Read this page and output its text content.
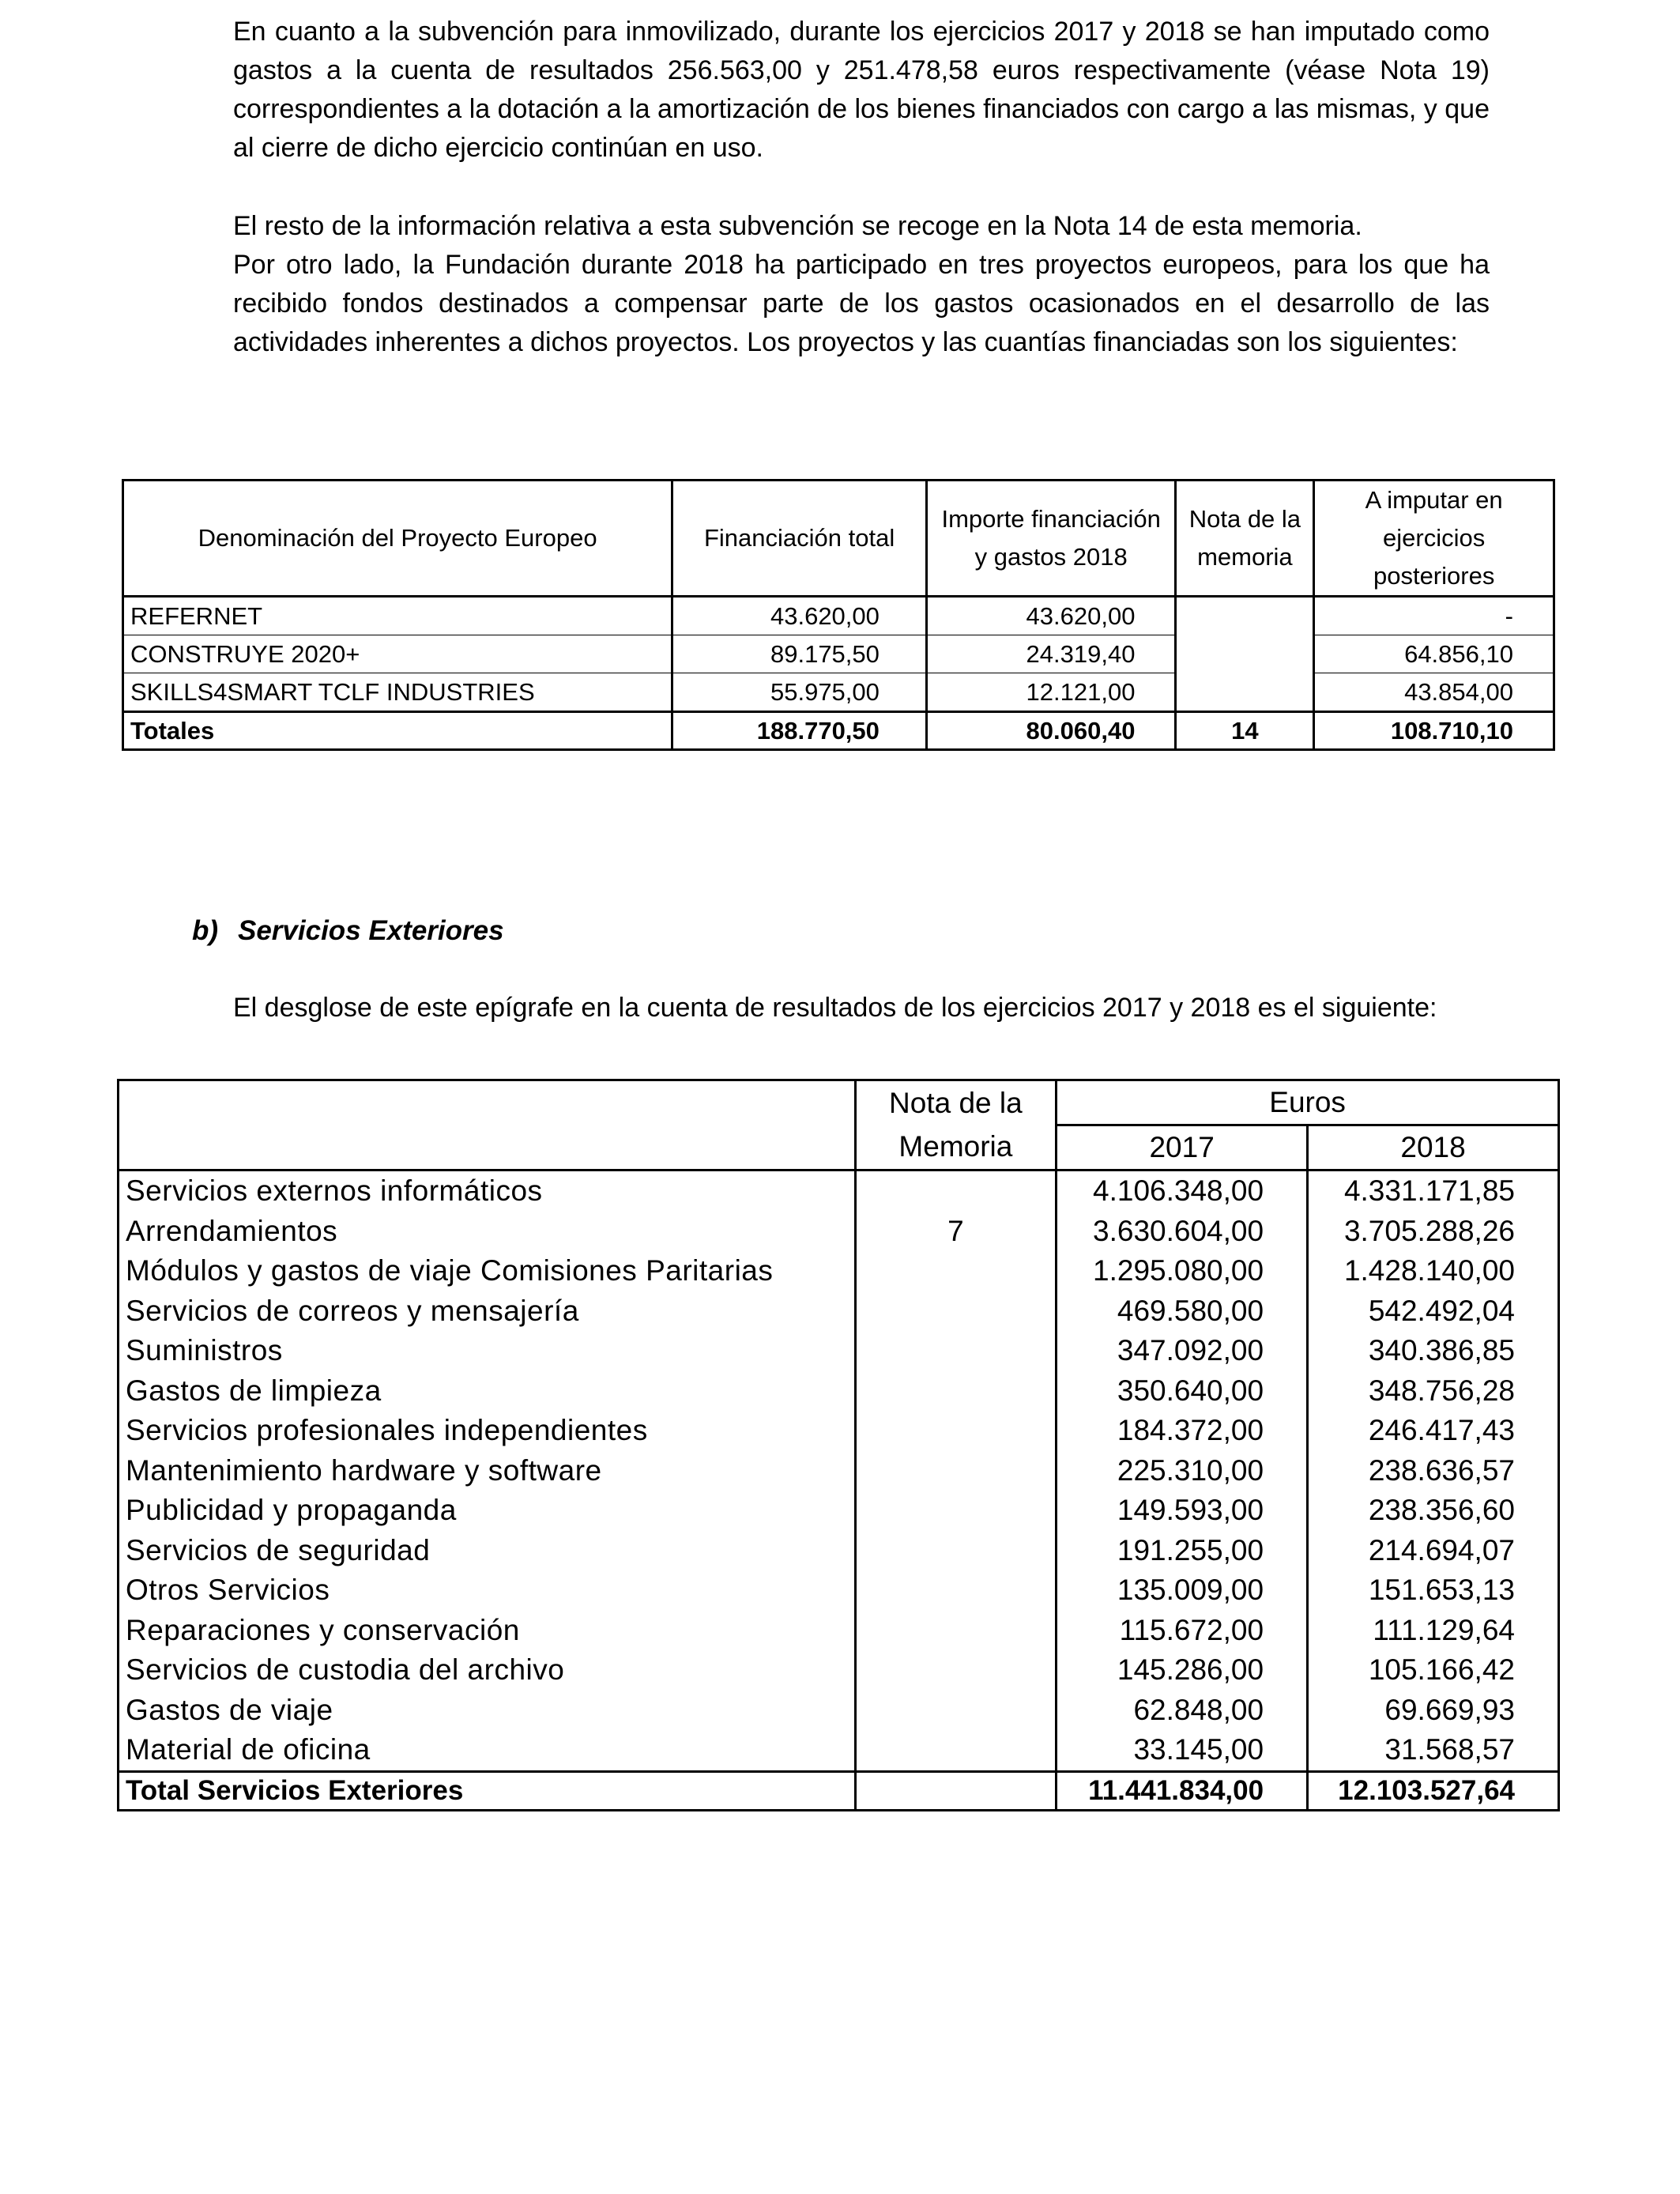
En cuanto a la subvención para inmovilizado, durante los ejercicios 2017 y 2018 se han imputado como gastos a la cuenta de resultados 256.563,00 y 251.478,58 euros respectivamente (véase Nota 19) correspondientes a la dotación a la amortización de los bienes financiados con cargo a las mismas, y que al cierre de dicho ejercicio continúan en uso.

El resto de la información relativa a esta subvención se recoge en la Nota 14 de esta memoria.

Por otro lado, la Fundación durante 2018 ha participado en tres proyectos europeos, para los que ha recibido fondos destinados a compensar parte de los gastos ocasionados en el desarrollo de las actividades inherentes a dichos proyectos. Los proyectos y las cuantías financiadas son los siguientes:

Denominación del Proyecto Europeo	Financiación total	Importe financiación y gastos 2018	Nota de la memoria	A imputar en ejercicios posteriores
REFERNET	43.620,00	43.620,00		-
CONSTRUYE 2020+	89.175,50	24.319,40		64.856,10
SKILLS4SMART TCLF INDUSTRIES	55.975,00	12.121,00		43.854,00
Totales	188.770,50	80.060,40	14	108.710,10
b) Servicios Exteriores

El desglose de este epígrafe en la cuenta de resultados de los ejercicios 2017 y 2018 es el siguiente:

	Nota de la	Euros	
	Memoria	2017	2018
Servicios externos informáticos		4.106.348,00	4.331.171,85
Arrendamientos	7	3.630.604,00	3.705.288,26
Módulos y gastos de viaje Comisiones Paritarias		1.295.080,00	1.428.140,00
Servicios de correos y mensajería		469.580,00	542.492,04
Suministros		347.092,00	340.386,85
Gastos de limpieza		350.640,00	348.756,28
Servicios profesionales independientes		184.372,00	246.417,43
Mantenimiento hardware y software		225.310,00	238.636,57
Publicidad y propaganda		149.593,00	238.356,60
Servicios de seguridad		191.255,00	214.694,07
Otros Servicios		135.009,00	151.653,13
Reparaciones y conservación		115.672,00	111.129,64
Servicios de custodia del archivo		145.286,00	105.166,42
Gastos de viaje		62.848,00	69.669,93
Material de oficina		33.145,00	31.568,57
Total Servicios Exteriores		11.441.834,00	12.103.527,64
